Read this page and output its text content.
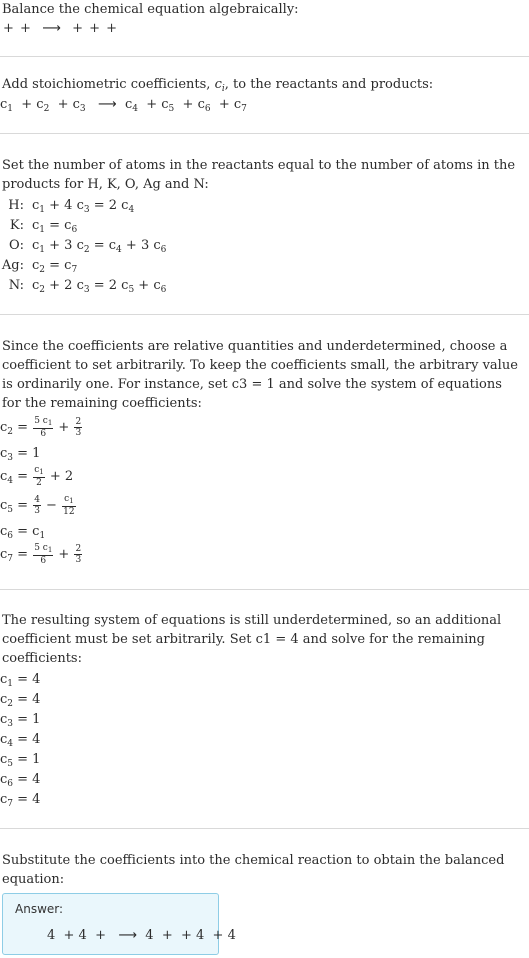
Balance the chemical equation algebraically:
+ +  ⟶  + + +
Add stoichiometric coefficients, $c_i$, to the reactants and products:
$c_1 + c_2 + c_3$ ⟶  $c_4 + c_5 + c_6 + c_7$
Set the number of atoms in the reactants equal to the number of atoms in the products for H, K, O, Ag and N:
H: $c_1 + 4$ $c_3 = 2$ $c_4$
K: $c_1 = c_6$
O: $c_1 + 3$ $c_2 = c_4 + 3$ $c_6$
Ag: $c_2 = c_7$
N: $c_2 + 2$ $c_3 = 2$ $c_5 + c_6$
Since the coefficients are relative quantities and underdetermined, choose a coefficient to set arbitrarily. To keep the coefficients small, the arbitrary value is ordinarily one. For instance, set c3 = 1 and solve the system of equations for the remaining coefficients:
$c_2 = \frac{5 c_1}{6} + \frac{2}{3}$
$c_3 = 1$
$c_4 = \frac{c_1}{2} + 2$
$c_5 = \frac{4}{3} - \frac{c_1}{12}$
$c_6 = c_1$
$c_7 = \frac{5 c_1}{6} + \frac{2}{3}$
The resulting system of equations is still underdetermined, so an additional coefficient must be set arbitrarily. Set c1 = 4 and solve for the remaining coefficients:
$c_1 = 4$
$c_2 = 4$
$c_3 = 1$
$c_4 = 4$
$c_5 = 1$
$c_6 = 4$
$c_7 = 4$
Substitute the coefficients into the chemical reaction to obtain the balanced equation:
Answer:
4  + 4  +   ⟶  4  +  + 4  + 4
